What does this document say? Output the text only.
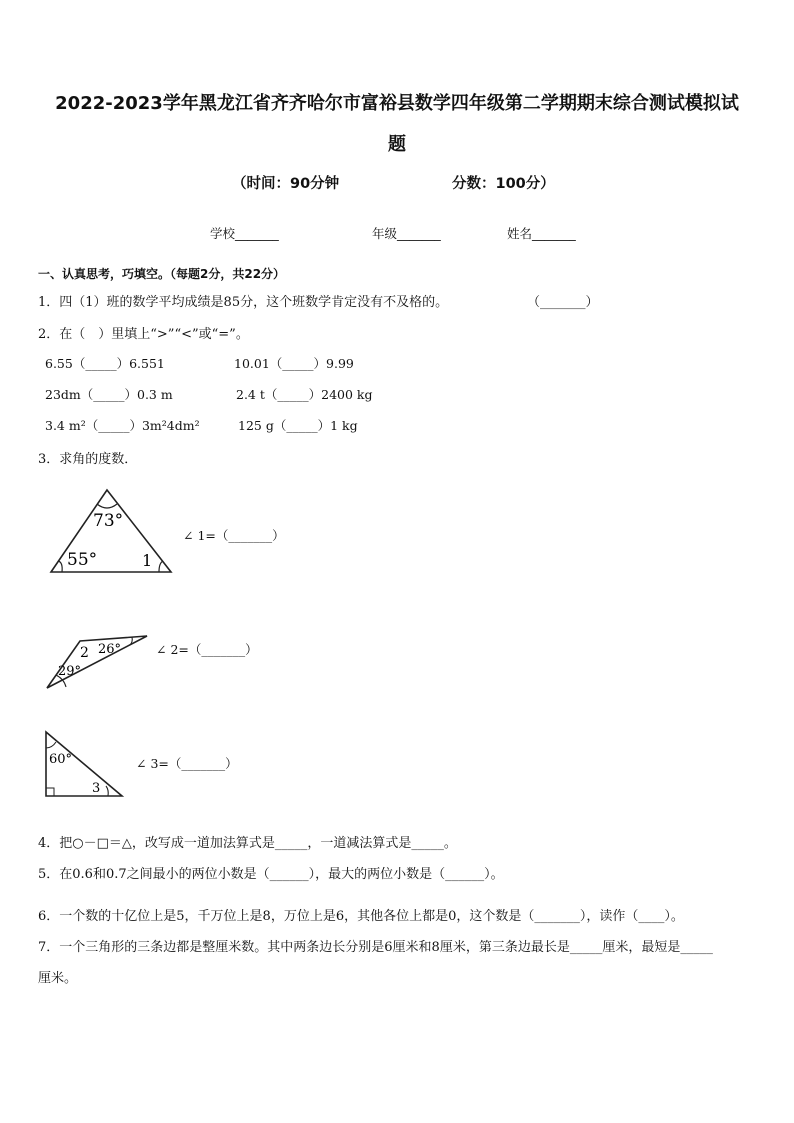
2022-2023学年黑龙江省齐齐哈尔市富裕县数学四年级第二学期期末综合测试模拟试
题
（时间：90分钟	分数：100分）
学校_______	年级_______	姓名_______
一、认真思考，巧填空。（每题2分，共22分）
1．四（1）班的数学平均成绩是85分，这个班数学肯定没有不及格的。	（_______）
2．在（　）里填上“>”“<”或“=”。
6.55（_____）6.551	10.01（_____）9.99
23dm（_____）0.3 m	2.4 t（_____）2400 kg
3.4 m²（_____）3m²4dm²	125 g（_____）1 kg
3．求角的度数．
73°
55°	1
∠ 1=（_______）
2 26°
29°
∠ 2=（_______）
60°
3
∠ 3=（_______）
4．把○－□＝△，改写成一道加法算式是_____，一道减法算式是_____。
5．在0.6和0.7之间最小的两位小数是（______），最大的两位小数是（______）。
6．一个数的十亿位上是5，千万位上是8，万位上是6，其他各位上都是0，这个数是（_______），读作（____）。
7．一个三角形的三条边都是整厘米数。其中两条边长分别是6厘米和8厘米，第三条边最长是_____厘米，最短是_____
厘米。
